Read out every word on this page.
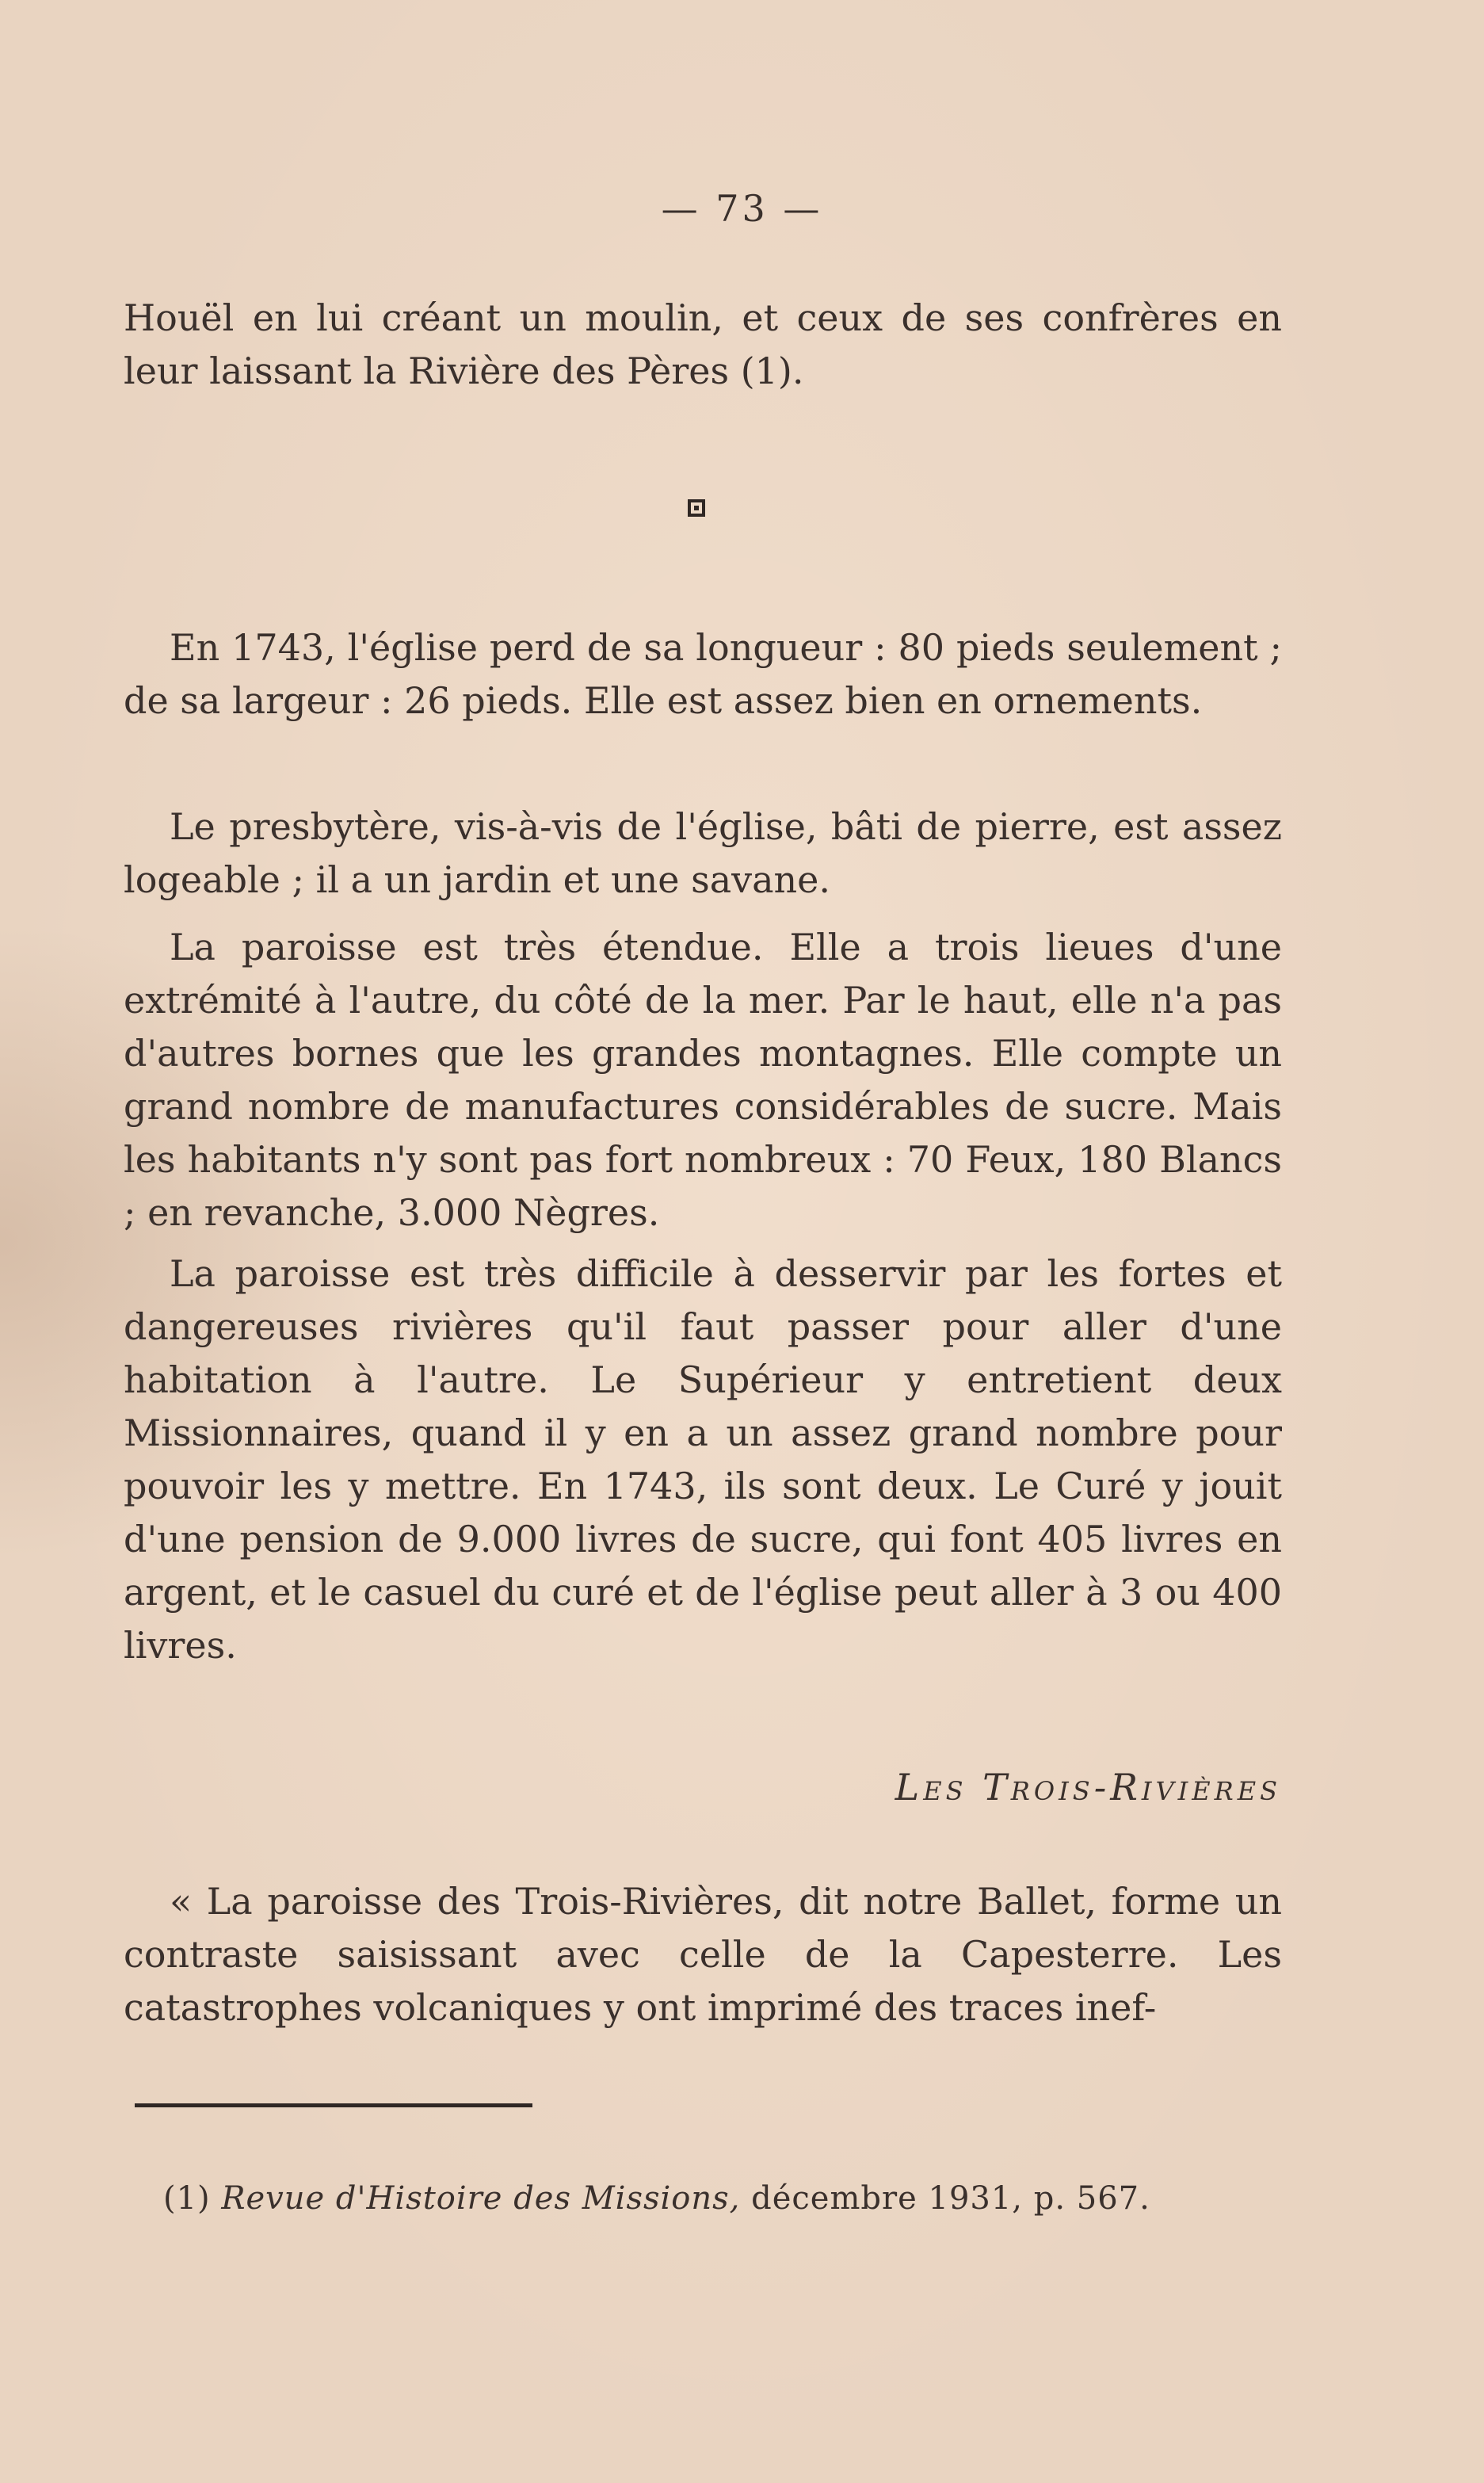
— 73 —

Houël en lui créant un moulin, et ceux de ses confrères en leur laissant la Rivière des Pères (1).

En 1743, l'église perd de sa longueur : 80 pieds seulement ; de sa largeur : 26 pieds. Elle est assez bien en ornements.

Le presbytère, vis-à-vis de l'église, bâti de pierre, est assez logeable ; il a un jardin et une savane.

La paroisse est très étendue. Elle a trois lieues d'une extrémité à l'autre, du côté de la mer. Par le haut, elle n'a pas d'autres bornes que les grandes montagnes. Elle compte un grand nombre de manufactures considérables de sucre. Mais les habitants n'y sont pas fort nombreux : 70 Feux, 180 Blancs ; en revanche, 3.000 Nègres.

La paroisse est très difficile à desservir par les fortes et dangereuses rivières qu'il faut passer pour aller d'une habitation à l'autre. Le Supérieur y entretient deux Missionnaires, quand il y en a un assez grand nombre pour pouvoir les y mettre. En 1743, ils sont deux. Le Curé y jouit d'une pension de 9.000 livres de sucre, qui font 405 livres en argent, et le casuel du curé et de l'église peut aller à 3 ou 400 livres.

Les Trois-Rivières

« La paroisse des Trois-Rivières, dit notre Ballet, forme un contraste saisissant avec celle de la Capesterre. Les catastrophes volcaniques y ont imprimé des traces inef-

(1) Revue d'Histoire des Missions, décembre 1931, p. 567.
